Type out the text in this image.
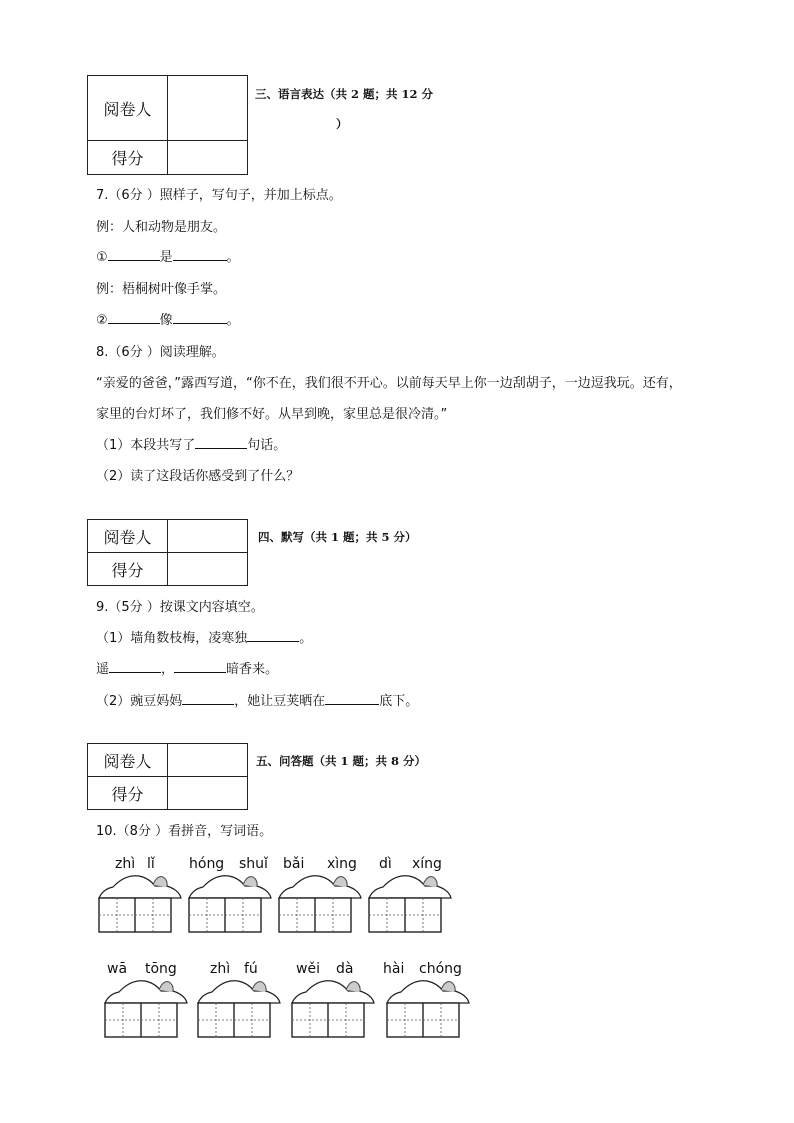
阅卷人	
得分	
三、语言表达（共 2 题；共 12 分
）
7.（6分 ）照样子，写句子，并加上标点。
例：人和动物是朋友。
①	是	。
例：梧桐树叶像手掌。
②	像	。
8.（6分 ）阅读理解。
“亲爱的爸爸，”露西写道，“你不在，我们很不开心。以前每天早上你一边刮胡子，一边逗我玩。还有，
家里的台灯坏了，我们修不好。从早到晚，家里总是很冷清。”
（1）本段共写了	句话。
（2）读了这段话你感受到了什么？
阅卷人	
得分	
四、默写（共 1 题；共 5 分）
9.（5分 ）按课文内容填空。
（1）墙角数枝梅，凌寒独	。
遥	，	暗香来。
（2）豌豆妈妈	，她让豆荚晒在	底下。
阅卷人	
得分	
五、问答题（共 1 题；共 8 分）
10.（8分 ）看拼音，写词语。
zhì lǐ hóng shuǐ bǎi xìng dì xíng
wā tōng zhì fú	wěi dà hài chóng
